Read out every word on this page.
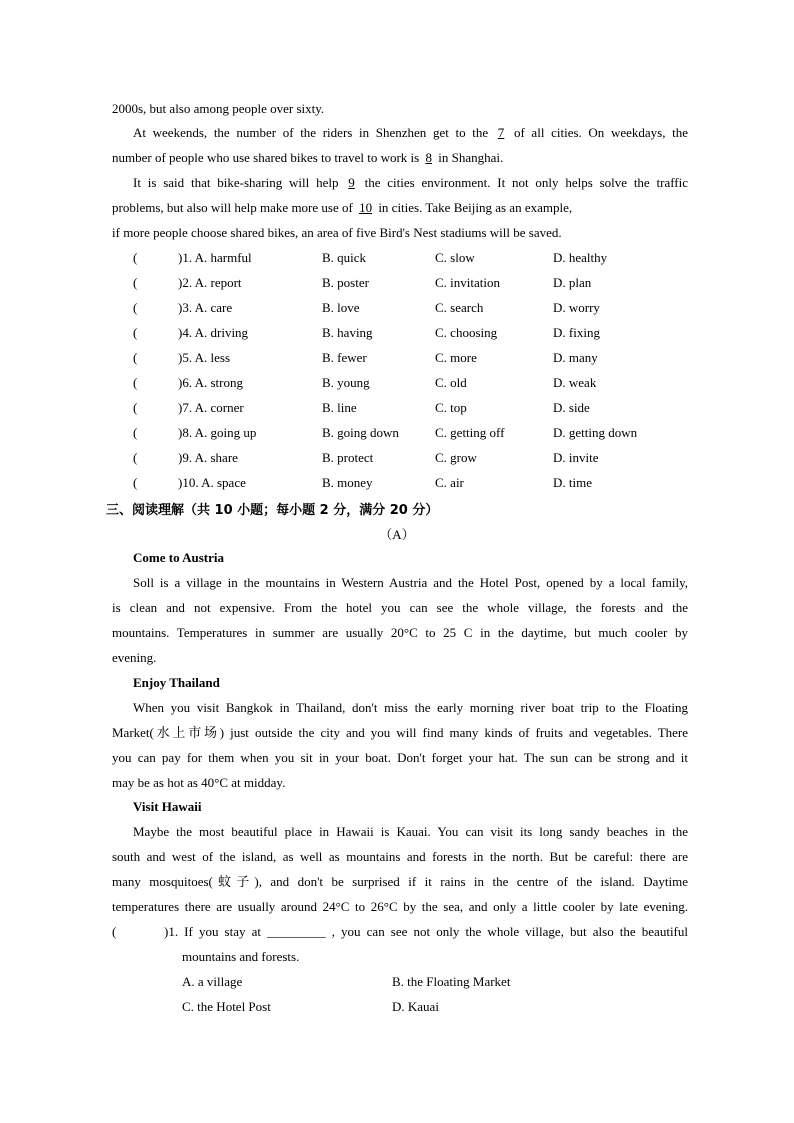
2000s, but also among people over sixty.
At weekends, the number of the riders in Shenzhen get to the 7 of all cities. On weekdays, the
number of people who use shared bikes to travel to work is 8 in Shanghai.
It is said that bike-sharing will help 9 the cities environment. It not only helps solve the traffic
problems, but also will help make more use of 10 in cities. Take Beijing as an example,
if more people choose shared bikes, an area of five Bird's Nest stadiums will be saved.
(	)1. A. harmful	B. quick	C. slow	D. healthy
(	)2. A. report	B. poster	C. invitation	D. plan
(	)3. A. care	B. love	C. search	D. worry
(	)4. A. driving	B. having	C. choosing	D. fixing
(	)5. A. less	B. fewer	C. more	D. many
(	)6. A. strong	B. young	C. old	D. weak
(	)7. A. corner	B. line	C. top	D. side
(	)8. A. going up	B. going down	C. getting off	D. getting down
(	)9. A. share	B. protect	C. grow	D. invite
(	)10. A. space	B. money	C. air	D. time
三、阅读理解（共 10 小题；每小题 2 分，满分 20 分）
（A）
Come to Austria
Soll is a village in the mountains in Western Austria and the Hotel Post, opened by a local family,
is clean and not expensive. From the hotel you can see the whole village, the forests and the
mountains. Temperatures in summer are usually 20°C to 25 C in the daytime, but much cooler by
evening.
Enjoy Thailand
When you visit Bangkok in Thailand, don't miss the early morning river boat trip to the Floating
Market(水上市场) just outside the city and you will find many kinds of fruits and vegetables. There
you can pay for them when you sit in your boat. Don't forget your hat. The sun can be strong and it
may be as hot as 40°C at midday.
Visit Hawaii
Maybe the most beautiful place in Hawaii is Kauai. You can visit its long sandy beaches in the
south and west of the island, as well as mountains and forests in the north. But be careful: there are
many mosquitoes(蚊子), and don't be surprised if it rains in the centre of the island. Daytime
temperatures there are usually around 24°C to 26°C by the sea, and only a little cooler by late evening.
(	)1. If you stay at _________ , you can see not only the whole village, but also the beautiful
mountains and forests.
A. a village	B. the Floating Market
C. the Hotel Post	D. Kauai
